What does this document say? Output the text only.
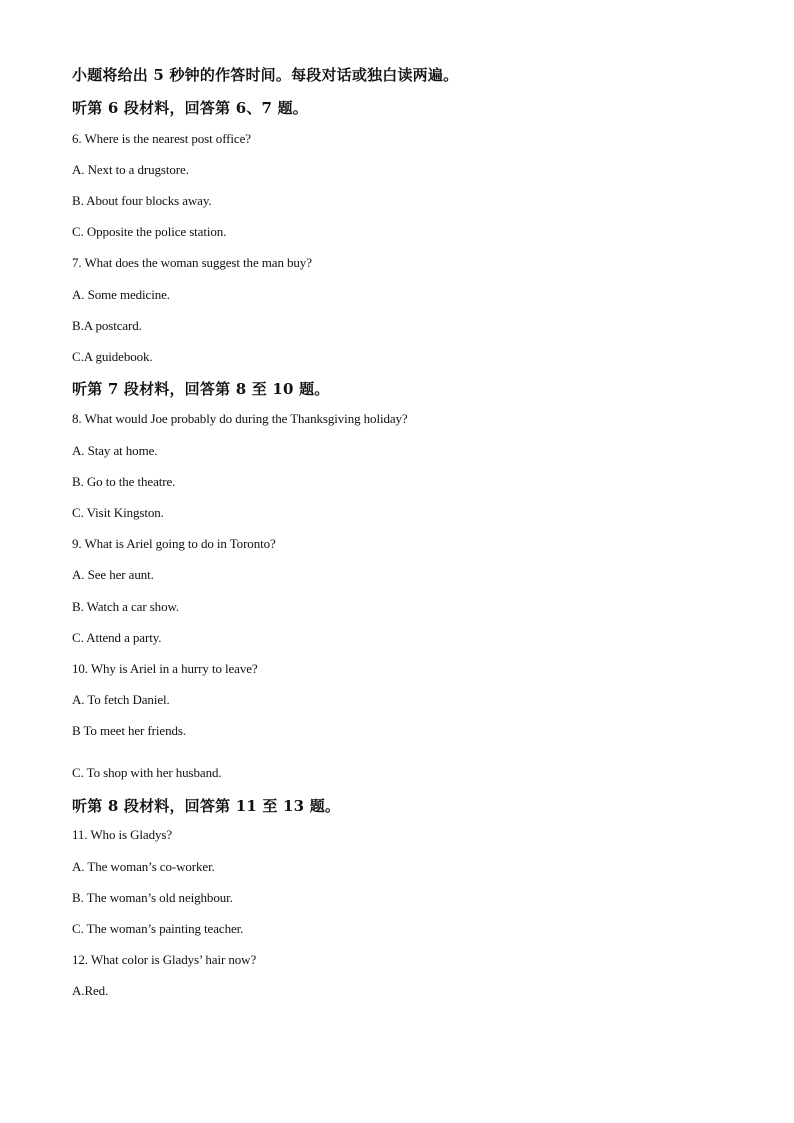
小题将给出 5 秒钟的作答时间。每段对话或独白读两遍。
听第 6 段材料，回答第 6、7 题。
6. Where is the nearest post office?
A. Next to a drugstore.
B. About four blocks away.
C. Opposite the police station.
7. What does the woman suggest the man buy?
A. Some medicine.
B.A postcard.
C.A guidebook.
听第 7 段材料，回答第 8 至 10 题。
8. What would Joe probably do during the Thanksgiving holiday?
A. Stay at home.
B. Go to the theatre.
C. Visit Kingston.
9. What is Ariel going to do in Toronto?
A. See her aunt.
B. Watch a car show.
C. Attend a party.
10. Why is Ariel in a hurry to leave?
A. To fetch Daniel.
B To meet her friends.
C. To shop with her husband.
听第 8 段材料，回答第 11 至 13 题。
11. Who is Gladys?
A. The woman’s co-worker.
B. The woman’s old neighbour.
C. The woman’s painting teacher.
12. What color is Gladys’ hair now?
A.Red.
